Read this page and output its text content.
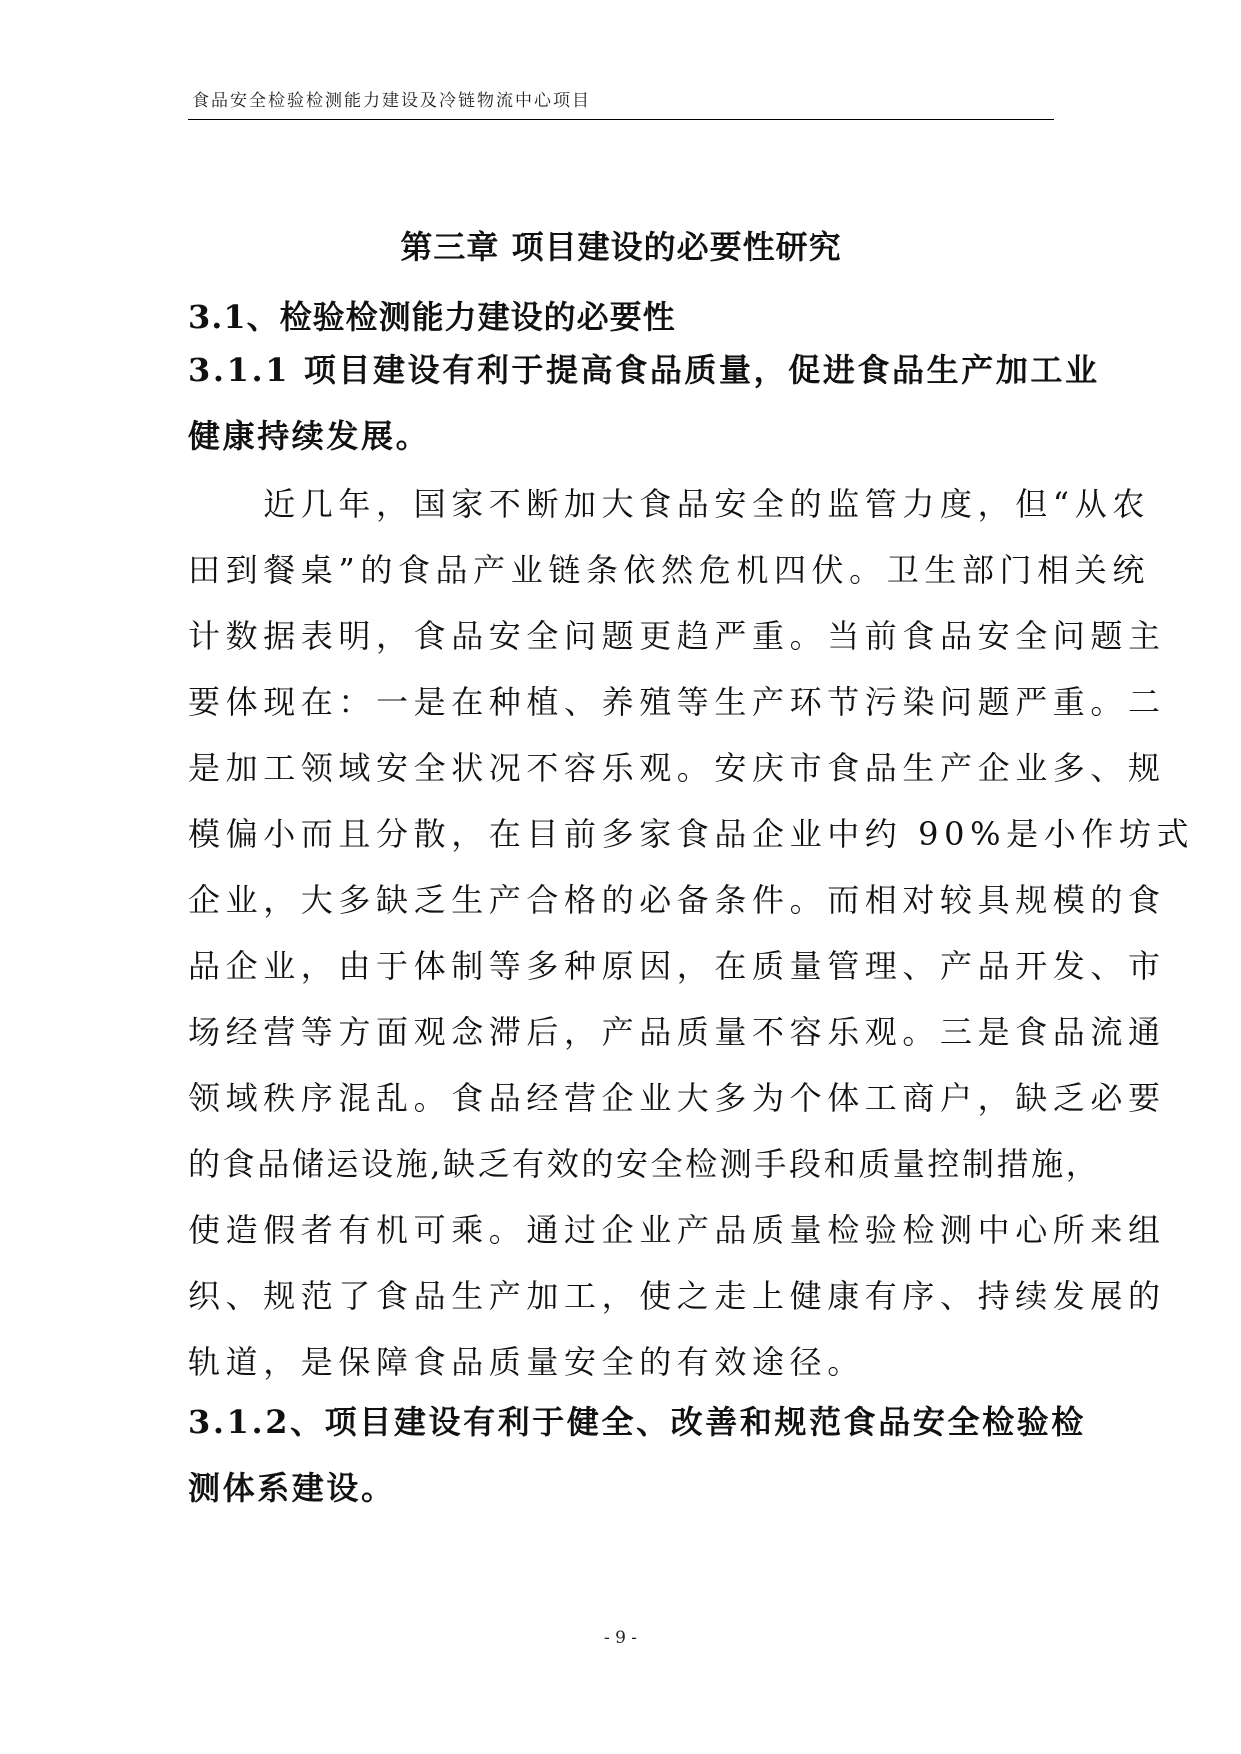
食品安全检验检测能力建设及冷链物流中心项目
第三章 项目建设的必要性研究
3.1、检验检测能力建设的必要性
3.1.1 项目建设有利于提高食品质量，促进食品生产加工业
健康持续发展。
　　近几年，国家不断加大食品安全的监管力度，但“从农
田到餐桌”的食品产业链条依然危机四伏。卫生部门相关统
计数据表明，食品安全问题更趋严重。当前食品安全问题主
要体现在：一是在种植、养殖等生产环节污染问题严重。二
是加工领域安全状况不容乐观。安庆市食品生产企业多、规
模偏小而且分散，在目前多家食品企业中约 90%是小作坊式
企业，大多缺乏生产合格的必备条件。而相对较具规模的食
品企业，由于体制等多种原因，在质量管理、产品开发、市
场经营等方面观念滞后，产品质量不容乐观。三是食品流通
领域秩序混乱。食品经营企业大多为个体工商户，缺乏必要
的食品储运设施,缺乏有效的安全检测手段和质量控制措施，
使造假者有机可乘。通过企业产品质量检验检测中心所来组
织、规范了食品生产加工，使之走上健康有序、持续发展的
轨道，是保障食品质量安全的有效途径。
3.1.2、项目建设有利于健全、改善和规范食品安全检验检
测体系建设。
- 9 -
